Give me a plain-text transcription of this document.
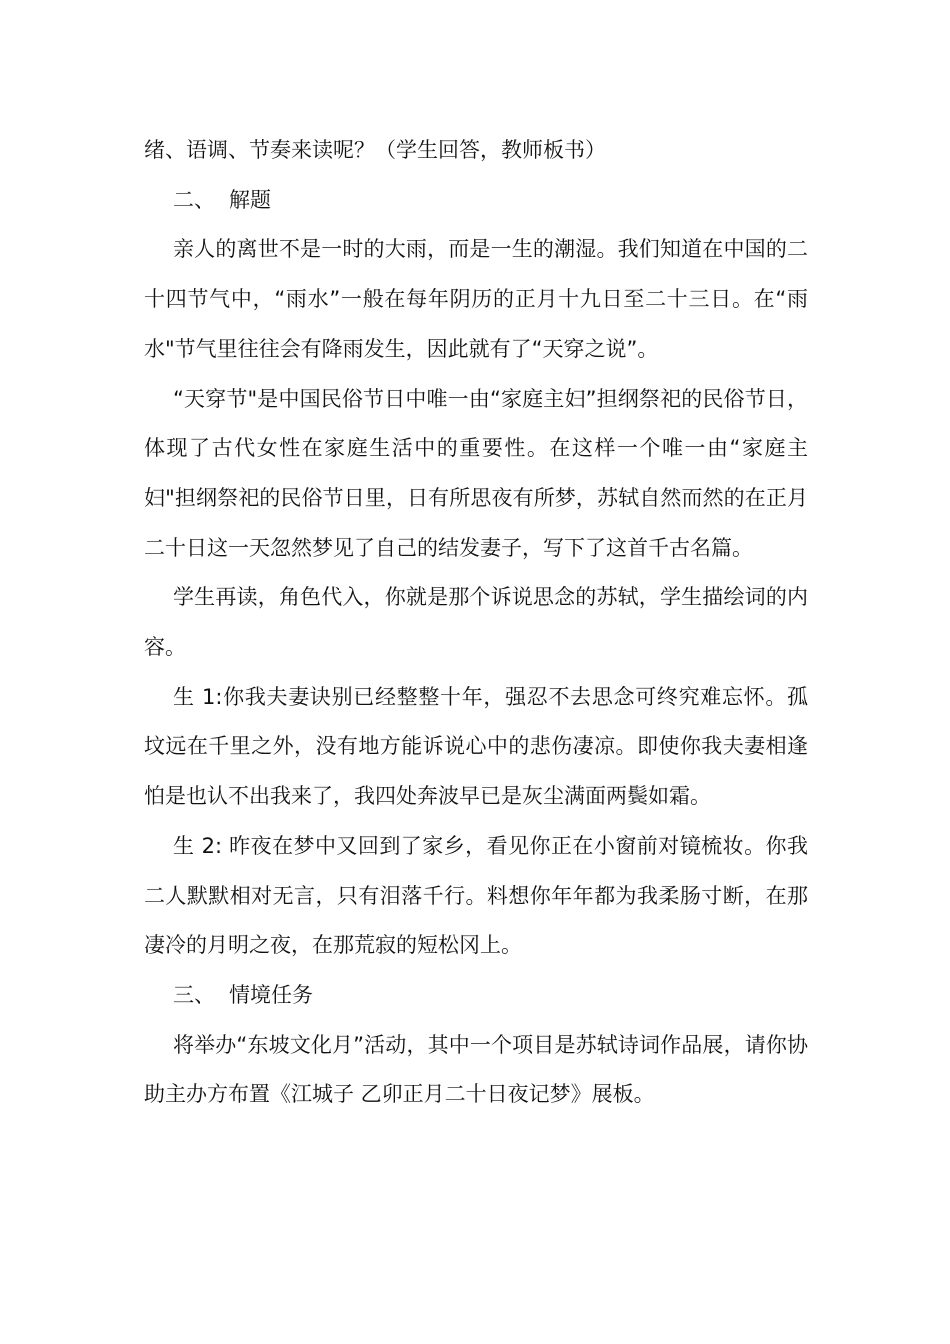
绪、语调、节奏来读呢？（学生回答，教师板书）

二、 解题

亲人的离世不是一时的大雨，而是一生的潮湿。我们知道在中国的二十四节气中，“雨水”一般在每年阴历的正月十九日至二十三日。在“雨水"节气里往往会有降雨发生，因此就有了“天穿之说”。

“天穿节"是中国民俗节日中唯一由“家庭主妇”担纲祭祀的民俗节日，体现了古代女性在家庭生活中的重要性。在这样一个唯一由“家庭主妇"担纲祭祀的民俗节日里，日有所思夜有所梦，苏轼自然而然的在正月二十日这一天忽然梦见了自己的结发妻子，写下了这首千古名篇。

学生再读，角色代入，你就是那个诉说思念的苏轼，学生描绘词的内容。

生 1:你我夫妻诀别已经整整十年，强忍不去思念可终究难忘怀。孤坟远在千里之外，没有地方能诉说心中的悲伤凄凉。即使你我夫妻相逢怕是也认不出我来了，我四处奔波早已是灰尘满面两鬓如霜。

生 2: 昨夜在梦中又回到了家乡，看见你正在小窗前对镜梳妆。你我二人默默相对无言，只有泪落千行。料想你年年都为我柔肠寸断，在那凄冷的月明之夜，在那荒寂的短松冈上。

三、 情境任务

将举办“东坡文化月”活动，其中一个项目是苏轼诗词作品展，请你协助主办方布置《江城子 乙卯正月二十日夜记梦》展板。
